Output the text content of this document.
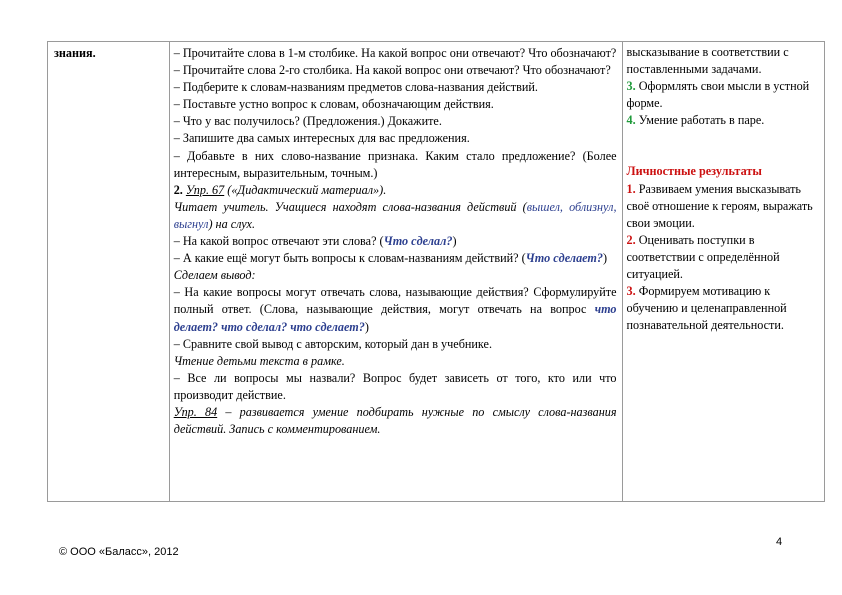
знания.	– Прочитайте слова в 1-м столбике. На какой вопрос они отвечают? Что обозначают?
– Прочитайте слова 2-го столбика. На какой вопрос они отвечают? Что обозначают?
– Подберите к словам-названиям предметов слова-названия действий.
– Поставьте устно вопрос к словам, обозначающим действия.
– Что у вас получилось? (Предложения.) Докажите.
– Запишите два самых интересных для вас предложения.
– Добавьте в них слово-название признака. Каким стало предложение? (Более интересным, выразительным, точным.)
2. Упр. 67 («Дидактический материал»).
Читает учитель. Учащиеся находят слова-названия действий (вышел, облизнул, выгнул) на слух.
– На какой вопрос отвечают эти слова? (Что сделал?)
– А какие ещё могут быть вопросы к словам-названиям действий? (Что сделает?)
Сделаем вывод:
– На какие вопросы могут отвечать слова, называющие действия? Сформулируйте полный ответ. (Слова, называющие действия, могут отвечать на вопрос что делает? что сделал? что сделает?)
– Сравните свой вывод с авторским, который дан в учебнике.
Чтение детьми текста в рамке.
– Все ли вопросы мы назвали? Вопрос будет зависеть от того, кто или что производит действие.
Упр. 84 – развивается умение подбирать нужные по смыслу слова-названия действий. Запись с комментированием.
высказывание в соответствии с поставленными задачами.
3. Оформлять свои мысли в устной форме.
4. Умение работать в паре.
Личностные результаты
1. Развиваем умения высказывать своё отношение к героям, выражать свои эмоции.
2. Оценивать поступки в соответствии с определённой ситуацией.
3. Формируем мотивацию к обучению и целенаправленной познавательной деятельности.
4
© ООО «Баласс», 2012
